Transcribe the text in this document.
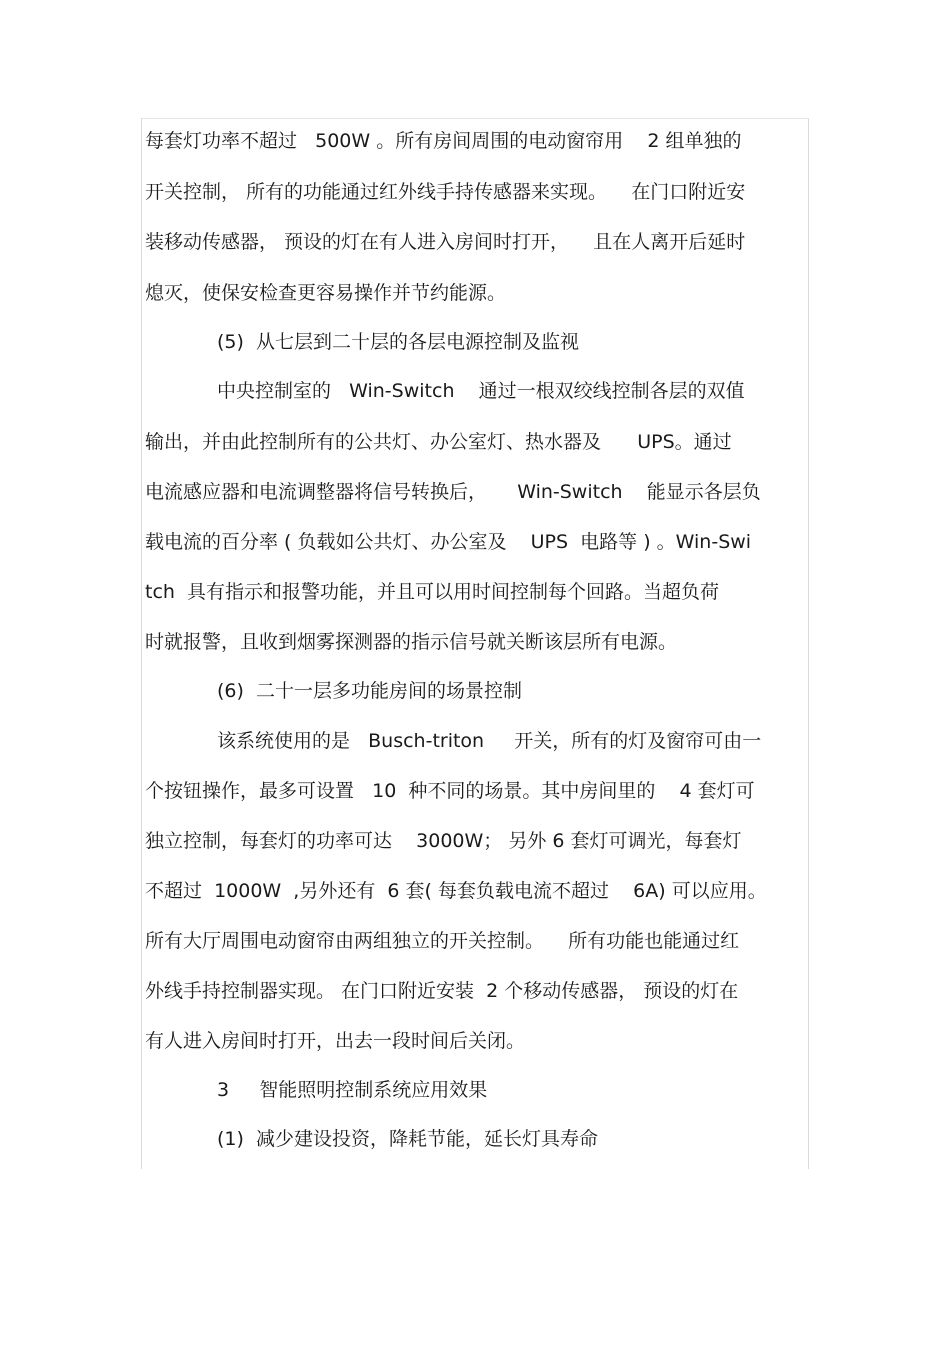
每套灯功率不超过   500W 。所有房间周围的电动窗帘用    2 组单独的
开关控制， 所有的功能通过红外线手持传感器来实现。    在门口附近安
装移动传感器， 预设的灯在有人进入房间时打开，    且在人离开后延时
熄灭，使保安检查更容易操作并节约能源。
(5)  从七层到二十层的各层电源控制及监视
中央控制室的   Win-Switch    通过一根双绞线控制各层的双值
输出，并由此控制所有的公共灯、办公室灯、热水器及      UPS。通过
电流感应器和电流调整器将信号转换后，     Win-Switch    能显示各层负
载电流的百分率 ( 负载如公共灯、办公室及    UPS  电路等 ) 。Win-Swi
tch  具有指示和报警功能，并且可以用时间控制每个回路。当超负荷
时就报警，且收到烟雾探测器的指示信号就关断该层所有电源。
(6)  二十一层多功能房间的场景控制
该系统使用的是   Busch-triton     开关，所有的灯及窗帘可由一
个按钮操作，最多可设置   10  种不同的场景。其中房间里的    4 套灯可
独立控制，每套灯的功率可达    3000W； 另外 6 套灯可调光，每套灯
不超过  1000W  ,另外还有  6 套( 每套负载电流不超过    6A) 可以应用。
所有大厅周围电动窗帘由两组独立的开关控制。    所有功能也能通过红
外线手持控制器实现。 在门口附近安装  2 个移动传感器， 预设的灯在
有人进入房间时打开，出去一段时间后关闭。
3     智能照明控制系统应用效果
(1)  减少建设投资，降耗节能，延长灯具寿命
